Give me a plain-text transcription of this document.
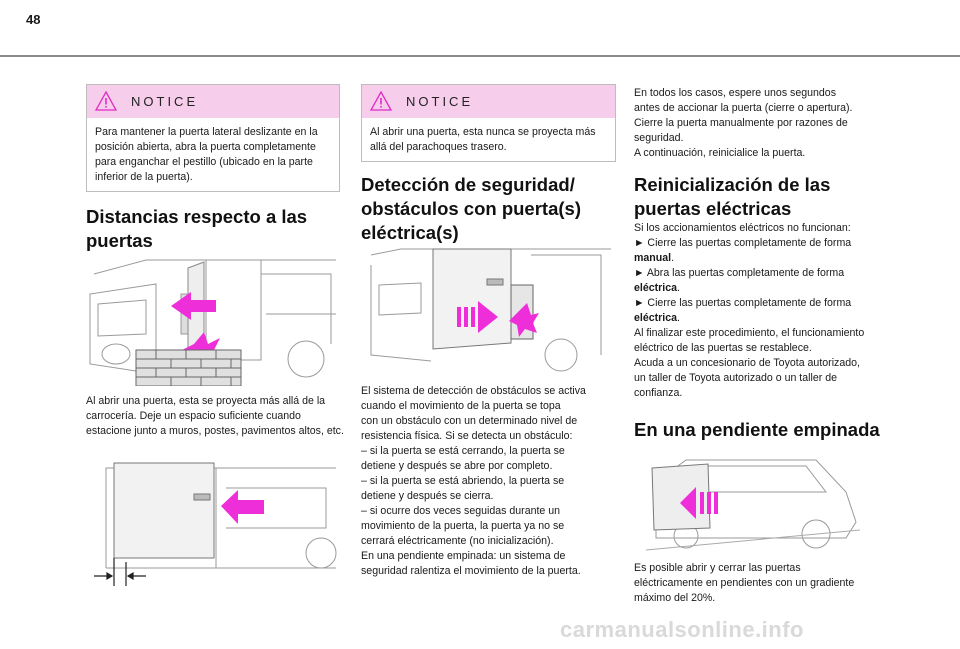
48
NOTICE
Para mantener la puerta lateral deslizante en la posición abierta, abra la puerta completamente para enganchar el pestillo (ubicado en la parte inferior de la puerta).
Distancias respecto a las puertas
Al abrir una puerta, esta se proyecta más allá de la carrocería. Deje un espacio suficiente cuando estacione junto a muros, postes, pavimentos altos, etc.
NOTICE
Al abrir una puerta, esta nunca se proyecta más allá del parachoques trasero.
Detección de seguridad/ obstáculos con puerta(s) eléctrica(s)
El sistema de detección de obstáculos se activa
cuando el movimiento de la puerta se topa
con un obstáculo con un determinado nivel de
resistencia física. Si se detecta un obstáculo:
– si la puerta se está cerrando, la puerta se
detiene y después se abre por completo.
– si la puerta se está abriendo, la puerta se
detiene y después se cierra.
– si ocurre dos veces seguidas durante un
movimiento de la puerta, la puerta ya no se
cerrará eléctricamente (no inicialización).
En una pendiente empinada: un sistema de
seguridad ralentiza el movimiento de la puerta.
En todos los casos, espere unos segundos
antes de accionar la puerta (cierre o apertura).
Cierre la puerta manualmente por razones de
seguridad.
A continuación, reinicialice la puerta.
Reinicialización de las puertas eléctricas
Si los accionamientos eléctricos no funcionan:
► Cierre las puertas completamente de forma
manual.
► Abra las puertas completamente de forma
eléctrica.
► Cierre las puertas completamente de forma
eléctrica.
Al finalizar este procedimiento, el funcionamiento
eléctrico de las puertas se restablece.
Acuda a un concesionario de Toyota autorizado,
un taller de Toyota autorizado o un taller de
confianza.
En una pendiente empinada
Es posible abrir y cerrar las puertas
eléctricamente en pendientes con un gradiente
máximo del 20%.
carmanualsonline.info
